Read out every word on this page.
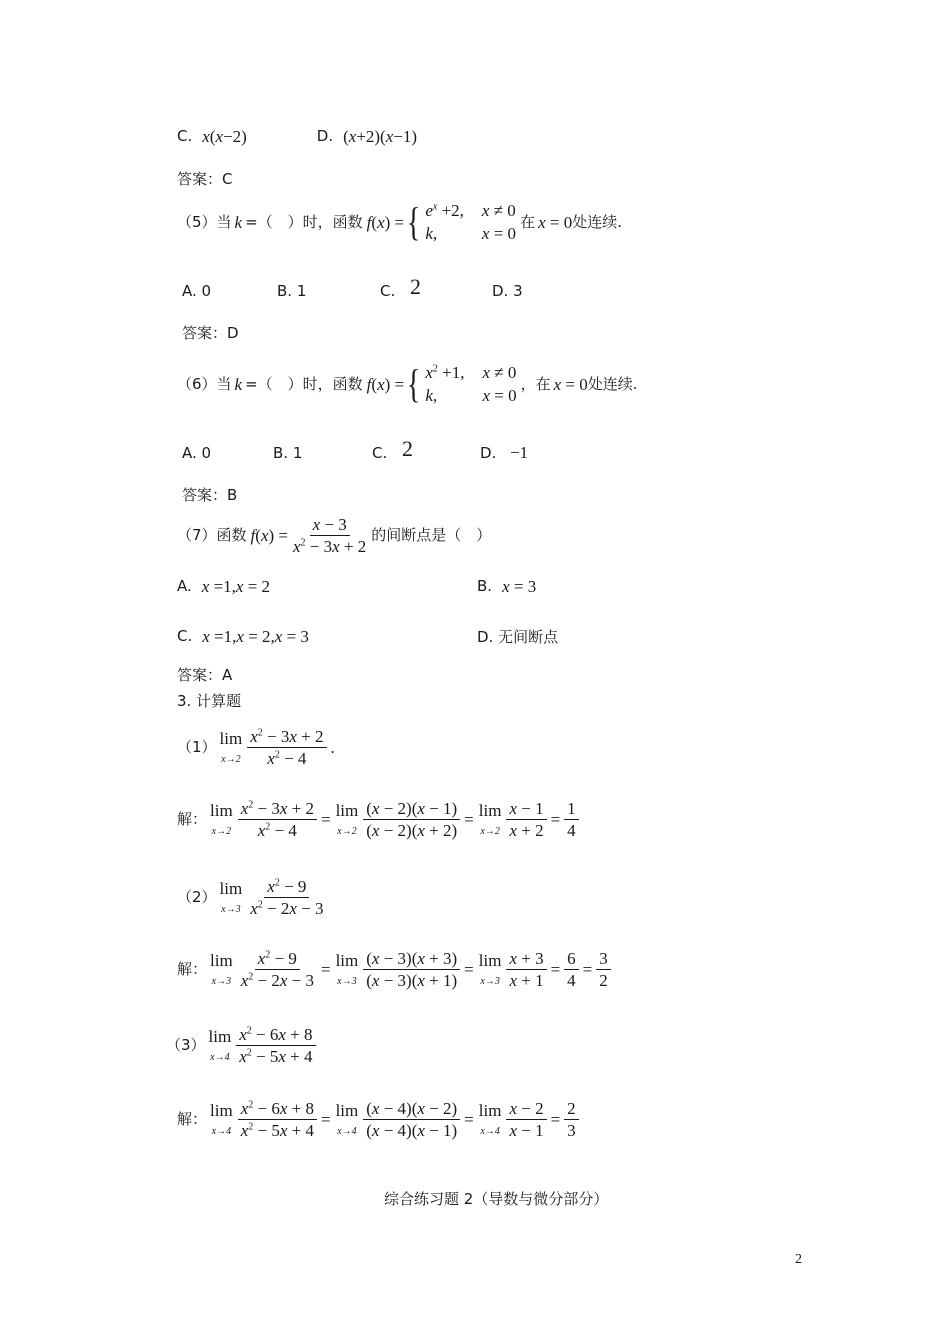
C. x ( x −2)	D. ( x +2)( x −1)
答案：C
（5）当 k =（　）时，函数 f ( x ) = { $e^x +2$, x ≠ 0
k,	x = 0
在 x = 0 处连续.
A. 0	B. 1	C. 2	D. 3
答案：D
（6）当 k =（　）时，函数 f ( x ) = { $x^2 +1$, x ≠ 0
k,	x = 0
，在 x = 0 处连续.
A. 0	B. 1	C. 2	D. −1
答案：B
（7）函数 f ( x ) = $\frac{x - 3}{x^2 - 3x + 2}$ 的间断点是（　）
A. x =1, x = 2	B. x = 3
C. x =1, x = 2, x = 3	D. 无间断点
答案：A
3. 计算题
（1） lim
$x\to 2 \frac{x^2 - 3x + 2}{x^2 - 4}$ .
解： lim
$x\to 2 \frac{x^2 - 3x + 2}{x^2 - 4} = \lim$
$x\to 2 \frac{(x - 2)(x - 1)}{(x - 2)(x + 2)} = \lim$
$x\to 2 \frac{x - 1}{x + 2} = \frac{1}{4}$
（2） lim
$x\to 3 \frac{x^2 - 9}{x^2 - 2x - 3}$
解： lim
$x\to 3 \frac{x^2 - 9}{x^2 - 2x - 3} = \lim$
$x\to 3 \frac{(x - 3)(x + 3)}{(x - 3)(x + 1)} = \lim$
$x\to 3 \frac{x + 3}{x + 1} = \frac{6}{4} = \frac{3}{2}$
（3） lim
$x\to 4 \frac{x^2 - 6x + 8}{x^2 - 5x + 4}$
解： lim
$x\to 4 \frac{x^2 - 6x + 8}{x^2 - 5x + 4} = \lim$
$x\to 4 \frac{(x - 4)(x - 2)}{(x - 4)(x - 1)} = \lim$
$x\to 4 \frac{x - 2}{x - 1} = \frac{2}{3}$
综合练习题 2（导数与微分部分）
2
